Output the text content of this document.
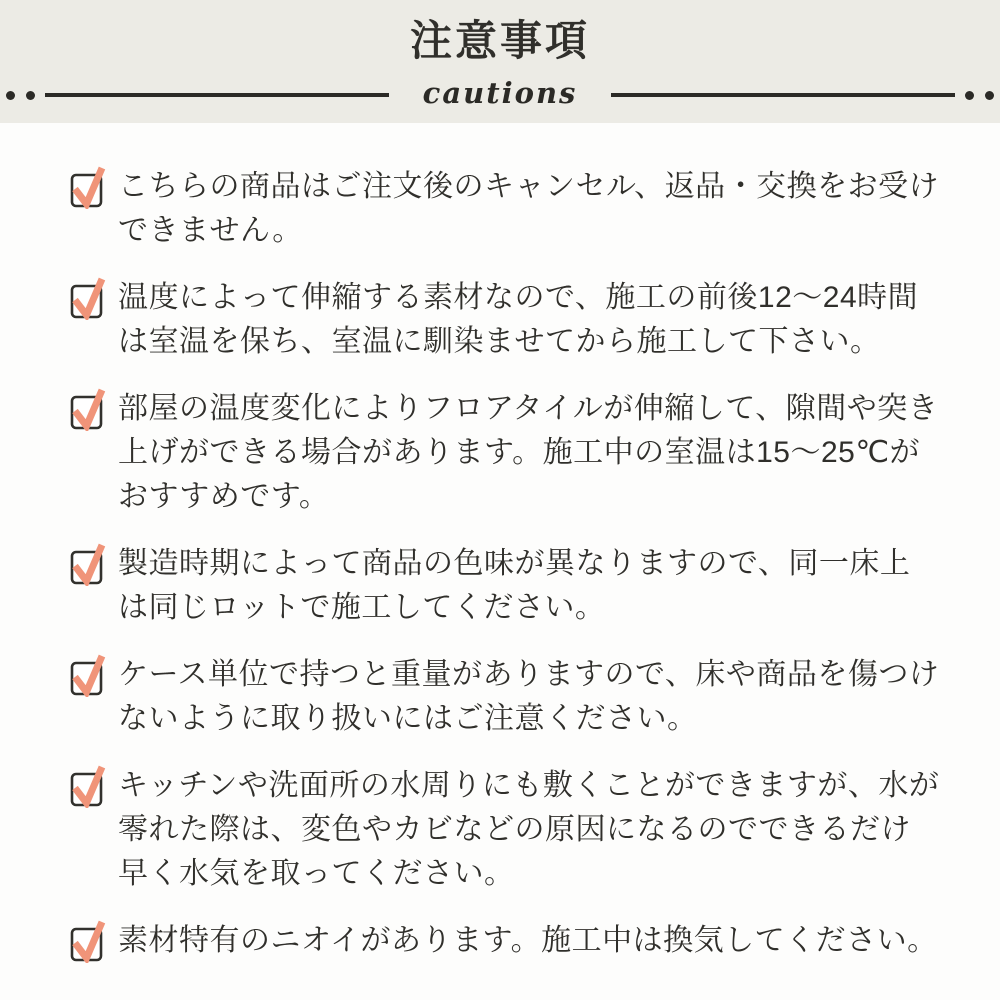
注意事項
cautions

こちらの商品はご注文後のキャンセル、返品・交換をお受けできません。

温度によって伸縮する素材なので、施工の前後12〜24時間は室温を保ち、室温に馴染ませてから施工して下さい。

部屋の温度変化によりフロアタイルが伸縮して、隙間や突き上げができる場合があります。施工中の室温は15〜25℃がおすすめです。

製造時期によって商品の色味が異なりますので、同一床上は同じロットで施工してください。

ケース単位で持つと重量がありますので、床や商品を傷つけないように取り扱いにはご注意ください。

キッチンや洗面所の水周りにも敷くことができますが、水が零れた際は、変色やカビなどの原因になるのでできるだけ早く水気を取ってください。

素材特有のニオイがあります。施工中は換気してください。
